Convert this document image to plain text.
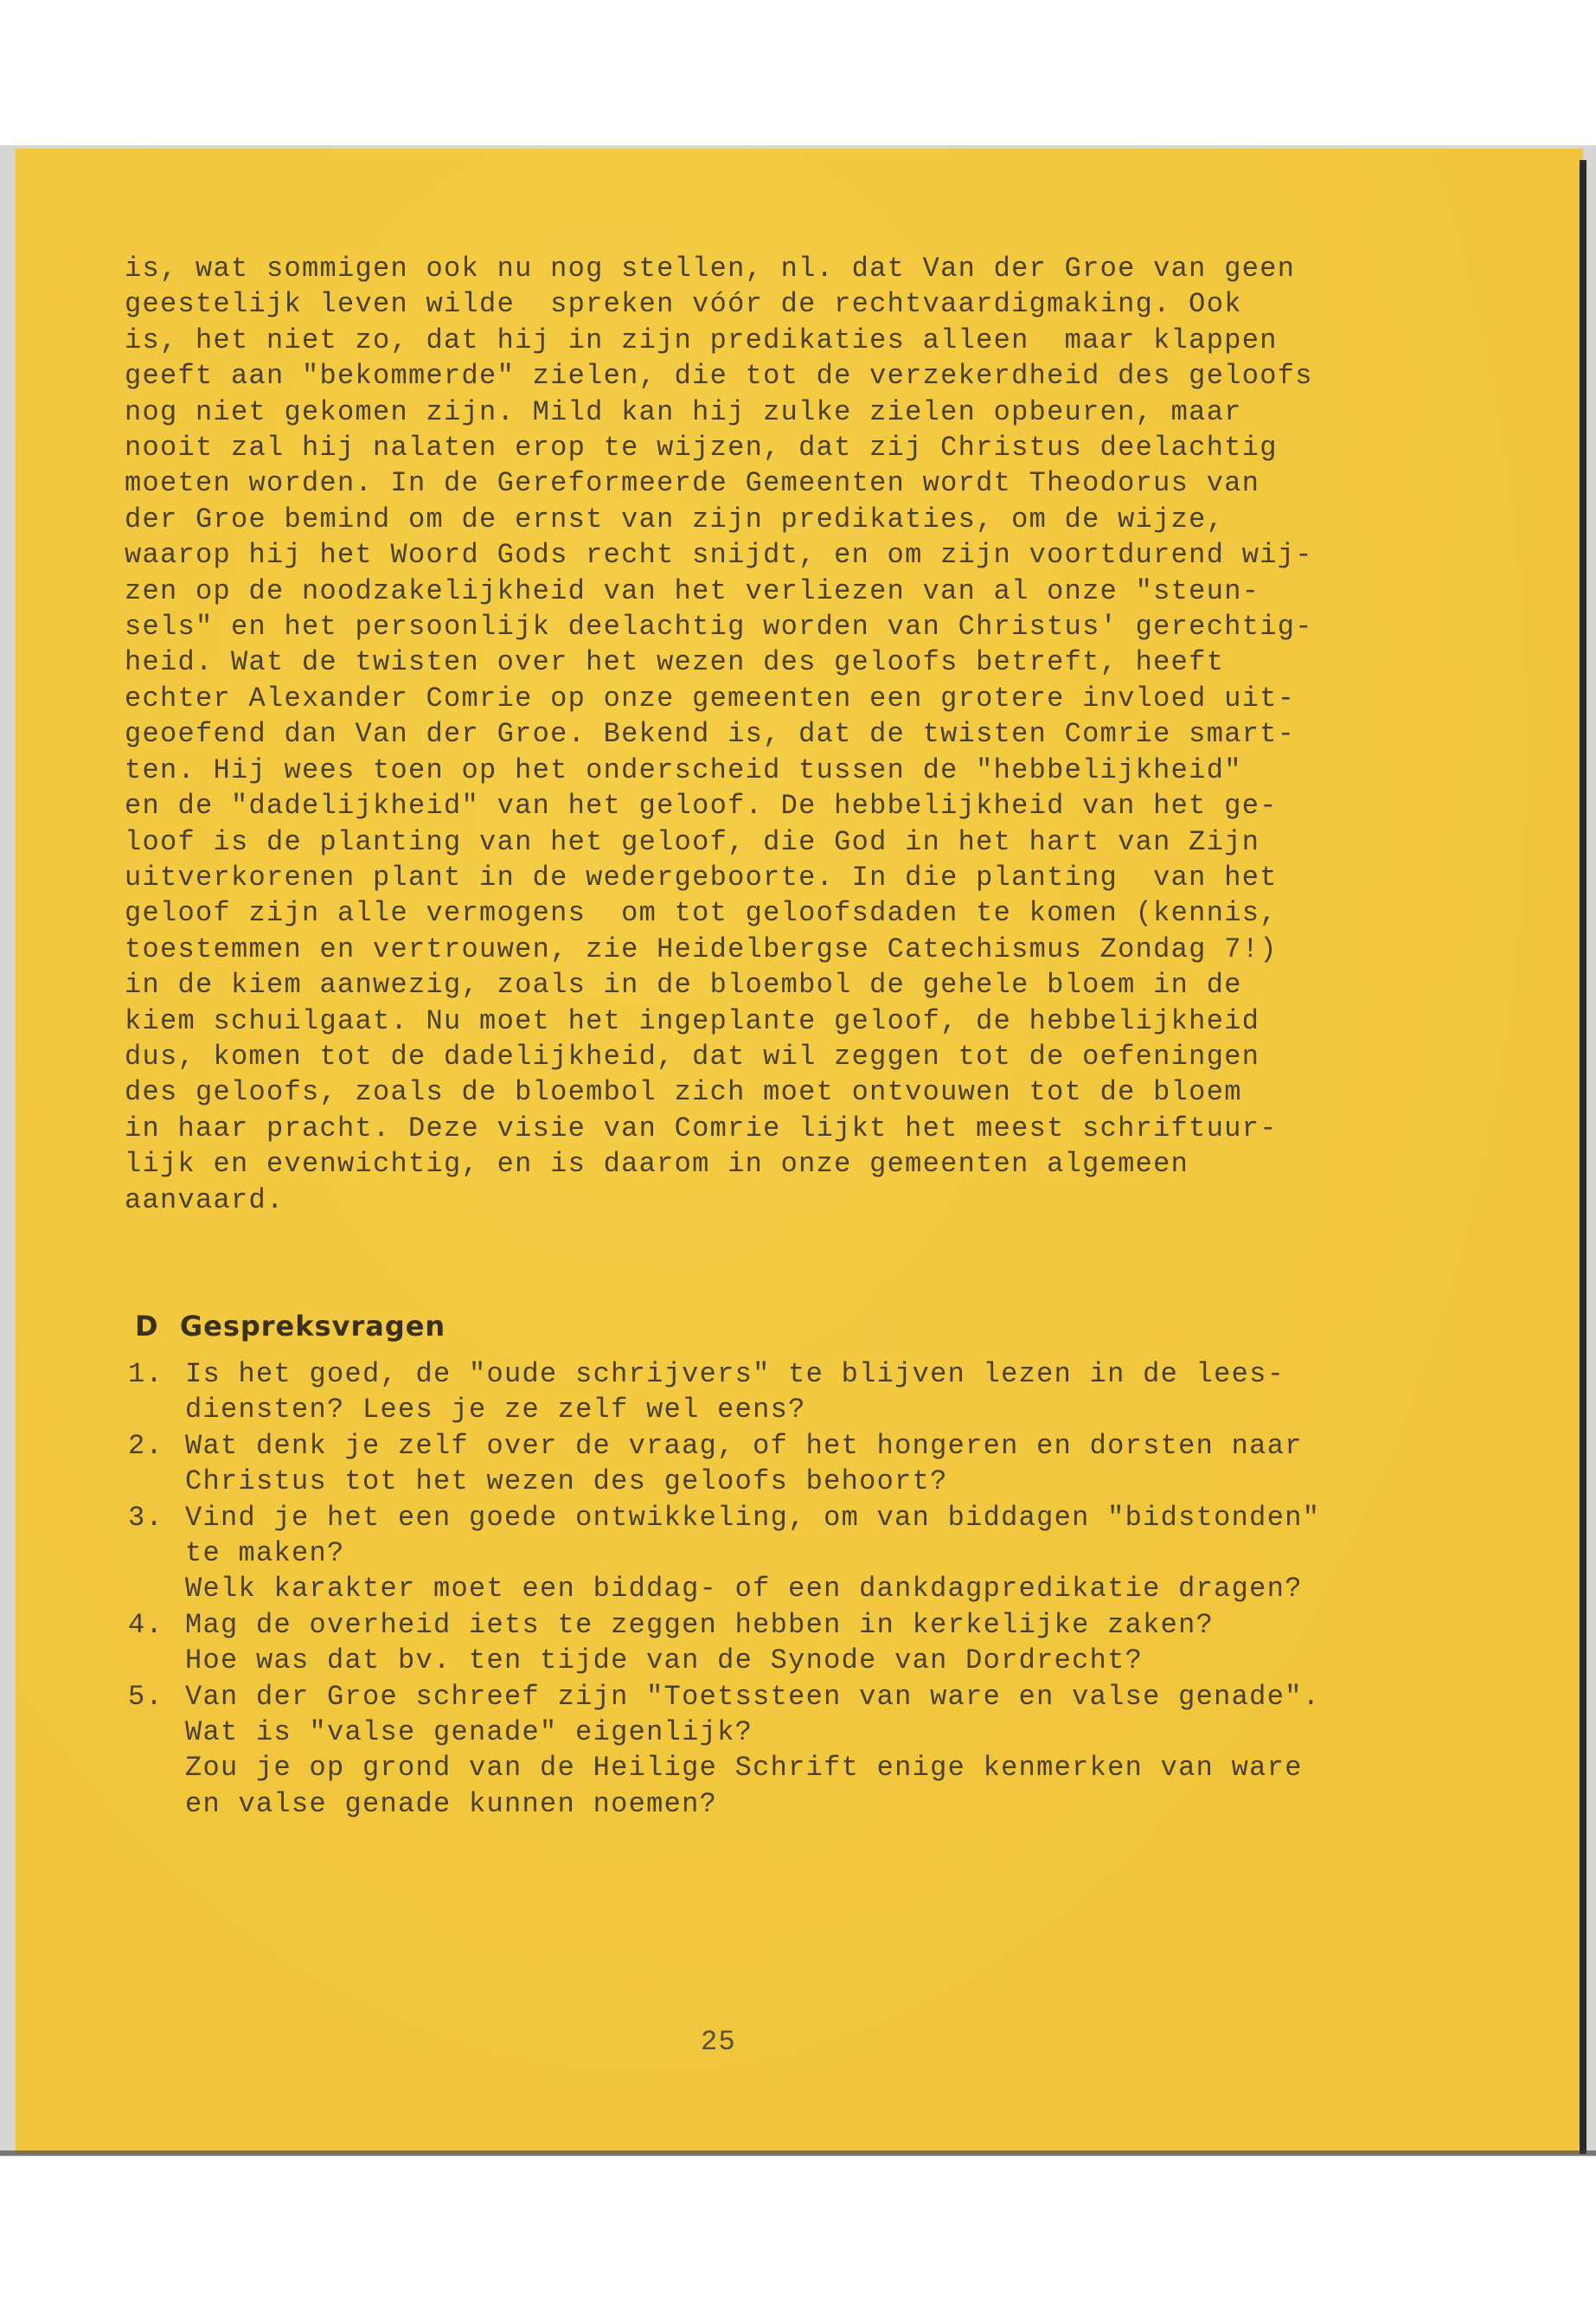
is, wat sommigen ook nu nog stellen, nl. dat Van der Groe van geen
geestelijk leven wilde  spreken vóór de rechtvaardigmaking. Ook
is, het niet zo, dat hij in zijn predikaties alleen  maar klappen
geeft aan "bekommerde" zielen, die tot de verzekerdheid des geloofs
nog niet gekomen zijn. Mild kan hij zulke zielen opbeuren, maar
nooit zal hij nalaten erop te wijzen, dat zij Christus deelachtig
moeten worden. In de Gereformeerde Gemeenten wordt Theodorus van
der Groe bemind om de ernst van zijn predikaties, om de wijze,
waarop hij het Woord Gods recht snijdt, en om zijn voortdurend wij-
zen op de noodzakelijkheid van het verliezen van al onze "steun-
sels" en het persoonlijk deelachtig worden van Christus' gerechtig-
heid. Wat de twisten over het wezen des geloofs betreft, heeft
echter Alexander Comrie op onze gemeenten een grotere invloed uit-
geoefend dan Van der Groe. Bekend is, dat de twisten Comrie smart-
ten. Hij wees toen op het onderscheid tussen de "hebbelijkheid"
en de "dadelijkheid" van het geloof. De hebbelijkheid van het ge-
loof is de planting van het geloof, die God in het hart van Zijn
uitverkorenen plant in de wedergeboorte. In die planting  van het
geloof zijn alle vermogens  om tot geloofsdaden te komen (kennis,
toestemmen en vertrouwen, zie Heidelbergse Catechismus Zondag 7!)
in de kiem aanwezig, zoals in de bloembol de gehele bloem in de
kiem schuilgaat. Nu moet het ingeplante geloof, de hebbelijkheid
dus, komen tot de dadelijkheid, dat wil zeggen tot de oefeningen
des geloofs, zoals de bloembol zich moet ontvouwen tot de bloem
in haar pracht. Deze visie van Comrie lijkt het meest schriftuur-
lijk en evenwichtig, en is daarom in onze gemeenten algemeen
aanvaard.
D  Gespreksvragen
1. Is het goed, de "oude schrijvers" te blijven lezen in de lees-
diensten? Lees je ze zelf wel eens?
2. Wat denk je zelf over de vraag, of het hongeren en dorsten naar
Christus tot het wezen des geloofs behoort?
3. Vind je het een goede ontwikkeling, om van biddagen "bidstonden"
te maken?
Welk karakter moet een biddag- of een dankdagpredikatie dragen?
4. Mag de overheid iets te zeggen hebben in kerkelijke zaken?
Hoe was dat bv. ten tijde van de Synode van Dordrecht?
5. Van der Groe schreef zijn "Toetssteen van ware en valse genade".
Wat is "valse genade" eigenlijk?
Zou je op grond van de Heilige Schrift enige kenmerken van ware
en valse genade kunnen noemen?
25
